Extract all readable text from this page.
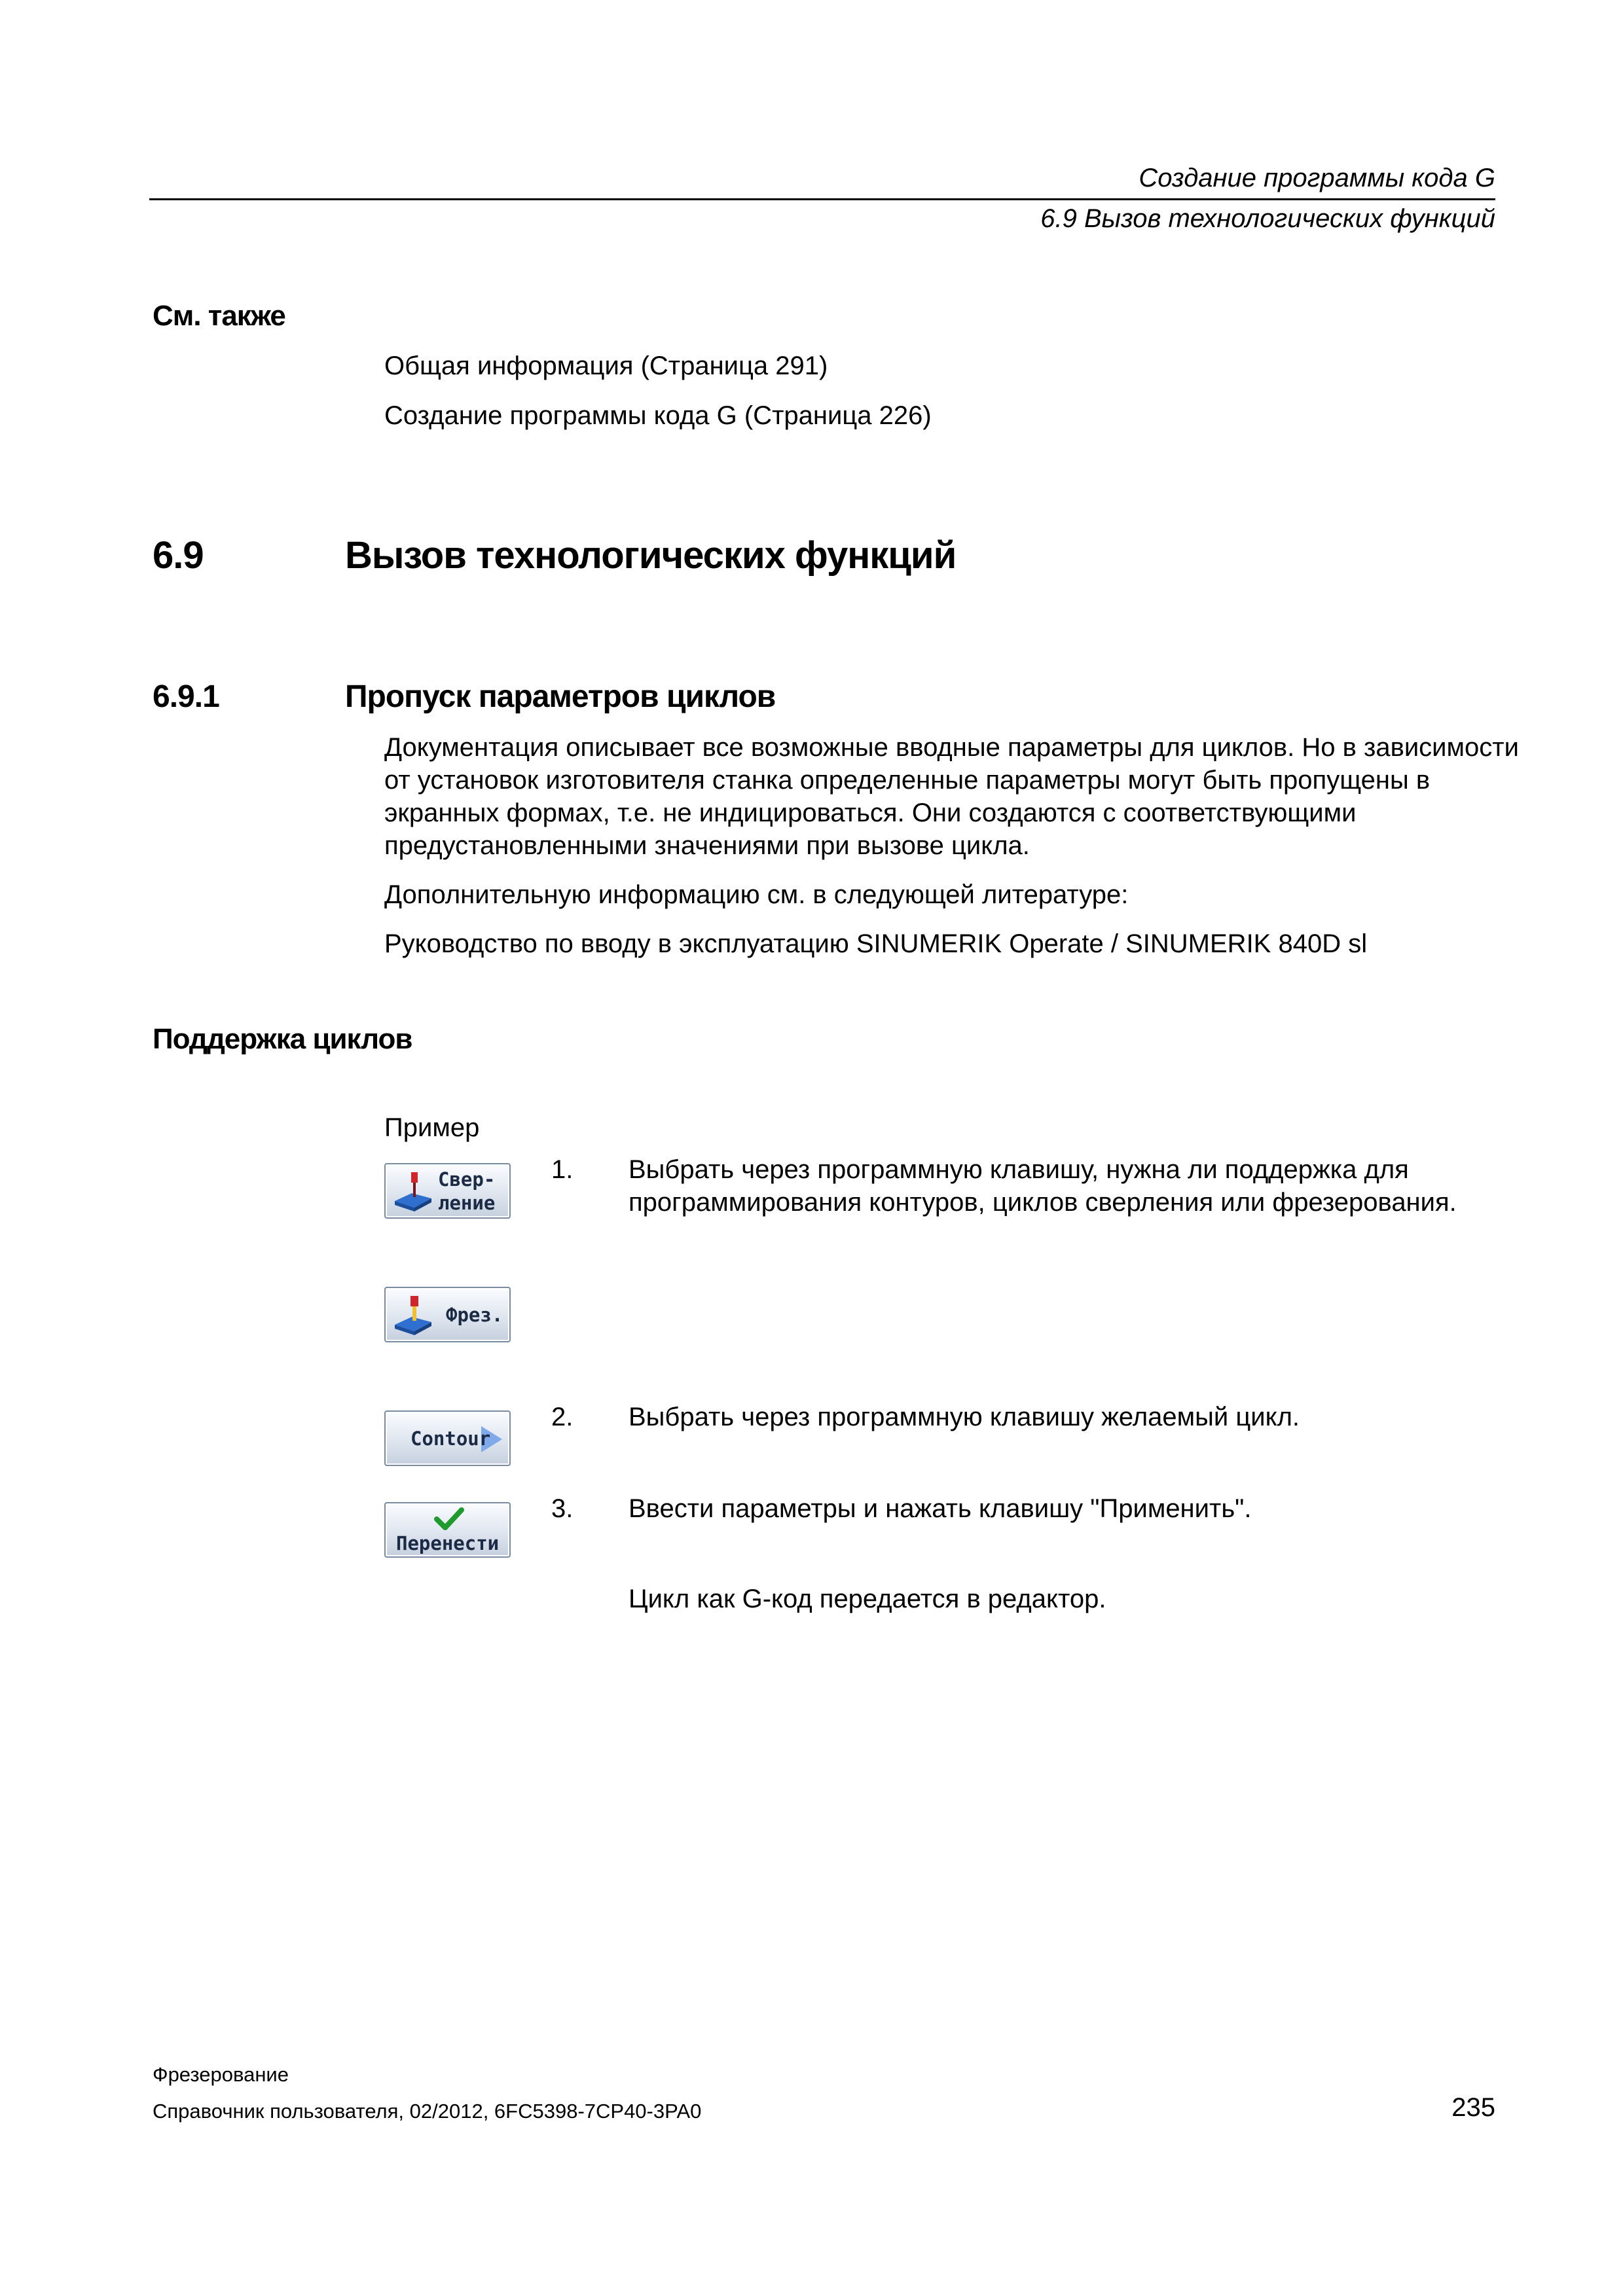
Создание программы кода G
6.9 Вызов технологических функций
См. также
Общая информация (Страница 291)
Создание программы кода G (Страница 226)
6.9	Вызов технологических функций
6.9.1	Пропуск параметров циклов
Документация описывает все возможные вводные параметры для циклов. Но в зависимости от установок изготовителя станка определенные параметры могут быть пропущены в экранных формах, т.е. не индицироваться. Они создаются с соответствующими предустановленными значениями при вызове цикла.
Дополнительную информацию см. в следующей литературе:
Руководство по вводу в эксплуатацию SINUMERIK Operate / SINUMERIK 840D sl
Поддержка циклов
Пример
Свер-
ление
1. Выбрать через программную клавишу, нужна ли поддержка для программирования контуров, циклов сверления или фрезерования.
Фрез.
Contour
2. Выбрать через программную клавишу желаемый цикл.
Перенести
3. Ввести параметры и нажать клавишу "Применить".
Цикл как G-код передается в редактор.
Фрезерование
Справочник пользователя, 02/2012, 6FC5398-7CP40-3PA0	235
